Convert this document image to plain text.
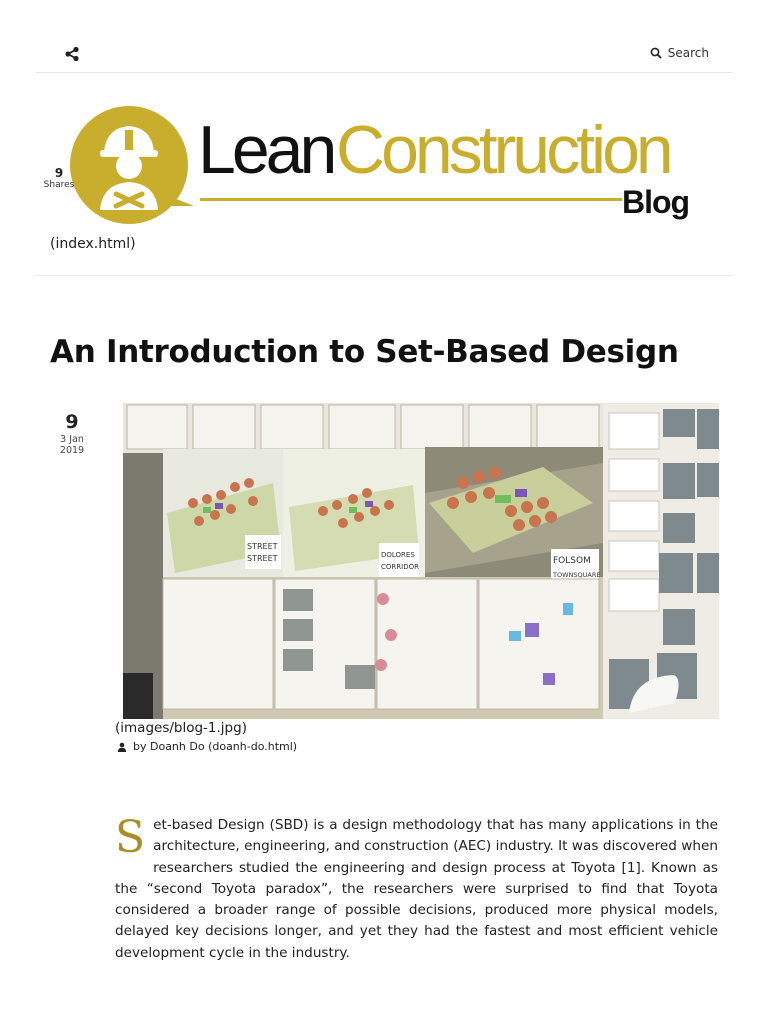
Search
Lean Construction
Blog
9
Shares
(index.html)
An Introduction to Set-Based Design
9
3 Jan
2019
STREET
STREET	DOLORES
CORRIDOR
FOLSOM
TOWNSQUARE
(images/blog-1.jpg)
by Doanh Do (doanh-do.html)

Set-based Design (SBD) is a design methodology that has many applications in the architecture, engineering, and construction (AEC) industry. It was discovered when researchers studied the engineering and design process at Toyota [1]. Known as the “second Toyota paradox”, the researchers were surprised to find that Toyota considered a broader range of possible decisions, produced more physical models, delayed key decisions longer, and yet they had the fastest and most efficient vehicle development cycle in the industry.
